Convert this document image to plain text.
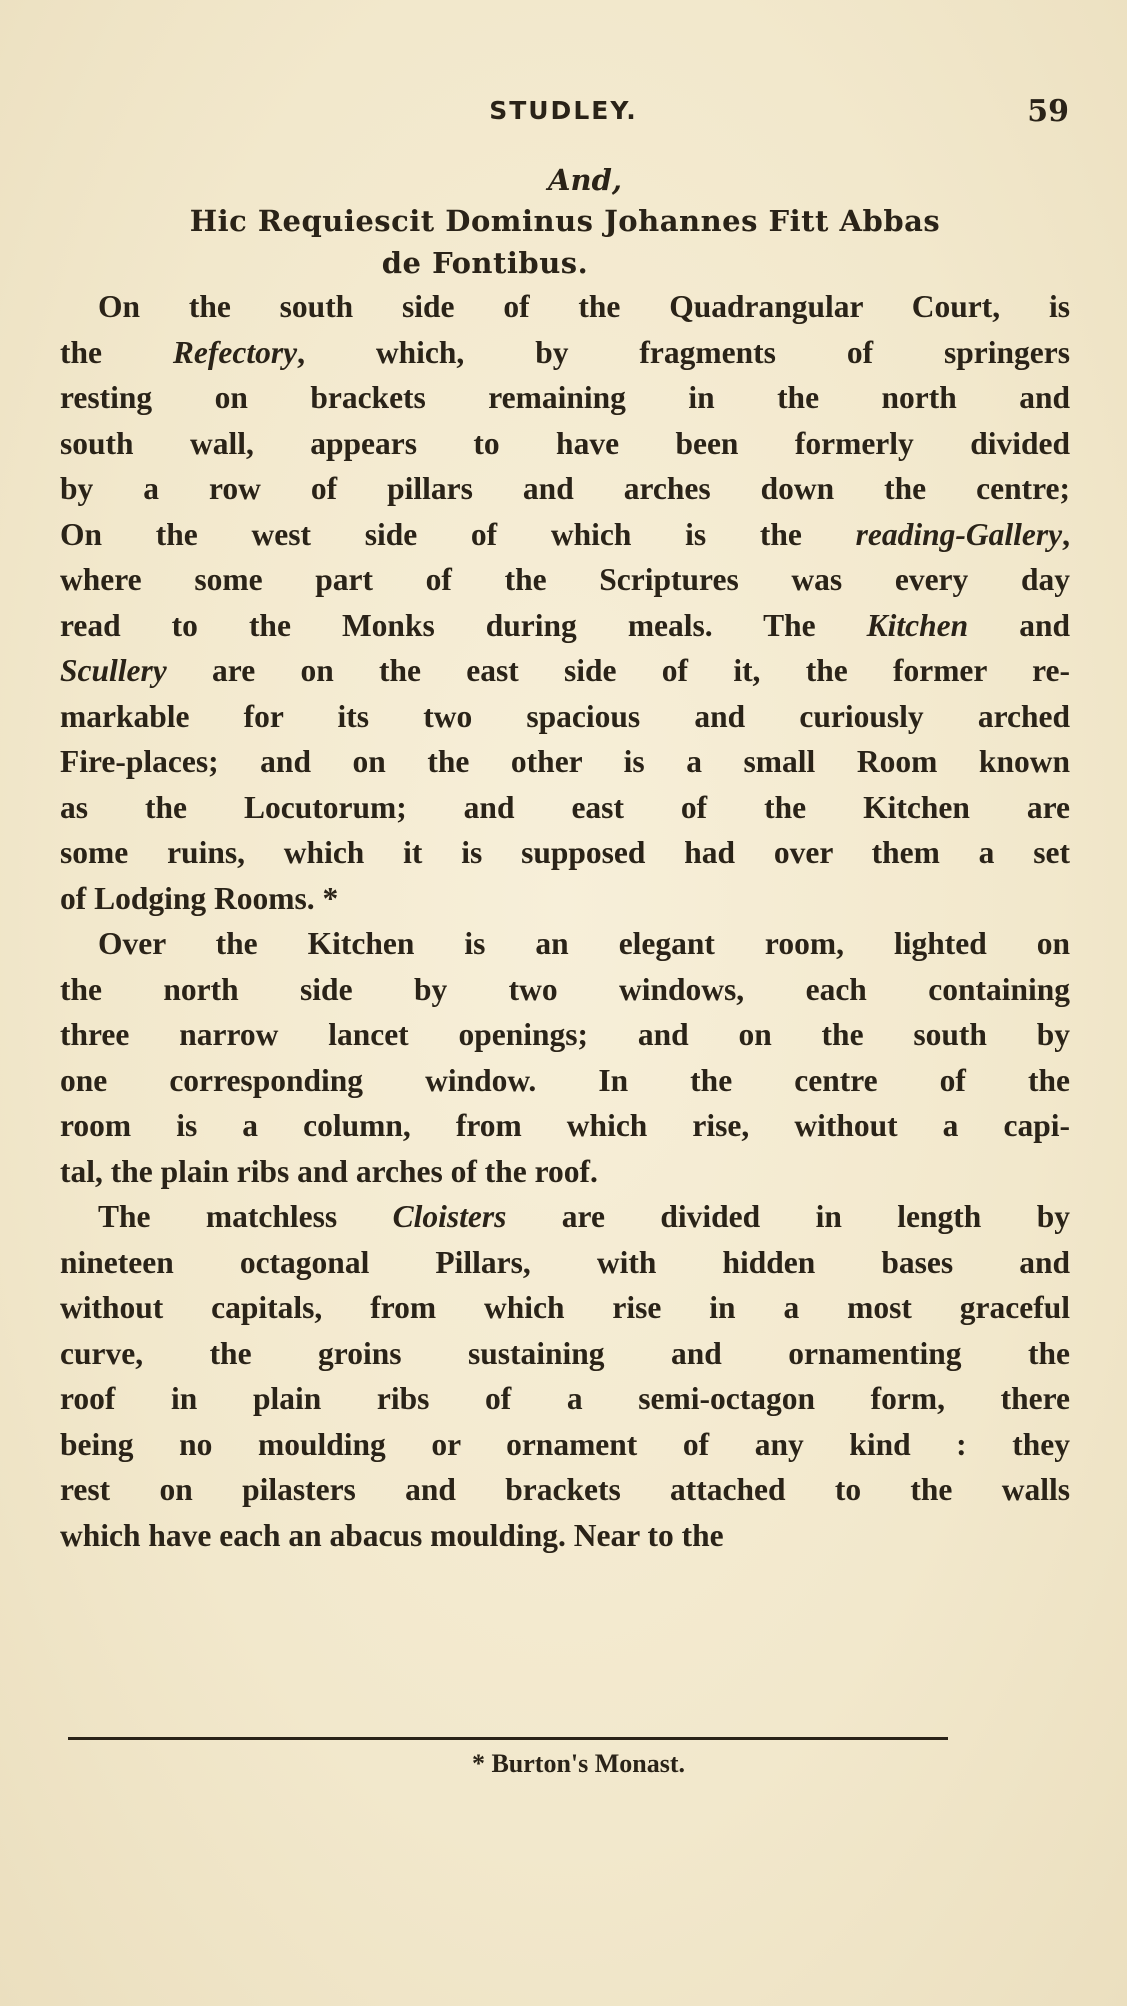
STUDLEY.	59
And,
Hic Requiescit Dominus Johannes Fitt Abbas
de Fontibus.
On the south side of the Quadrangular Court, is
the Refectory, which, by fragments of springers
resting on brackets remaining in the north and
south wall, appears to have been formerly divided
by a row of pillars and arches down the centre;
On the west side of which is the reading-Gallery,
where some part of the Scriptures was every day
read to the Monks during meals. The Kitchen and
Scullery are on the east side of it, the former re-
markable for its two spacious and curiously arched
Fire-places; and on the other is a small Room known
as the Locutorum; and east of the Kitchen are
some ruins, which it is supposed had over them a set
of Lodging Rooms. *
Over the Kitchen is an elegant room, lighted on
the north side by two windows, each containing
three narrow lancet openings; and on the south by
one corresponding window. In the centre of the
room is a column, from which rise, without a capi-
tal, the plain ribs and arches of the roof.
The matchless Cloisters are divided in length by
nineteen octagonal Pillars, with hidden bases and
without capitals, from which rise in a most graceful
curve, the groins sustaining and ornamenting the
roof in plain ribs of a semi-octagon form, there
being no moulding or ornament of any kind : they
rest on pilasters and brackets attached to the walls
which have each an abacus moulding. Near to the
* Burton's Monast.
